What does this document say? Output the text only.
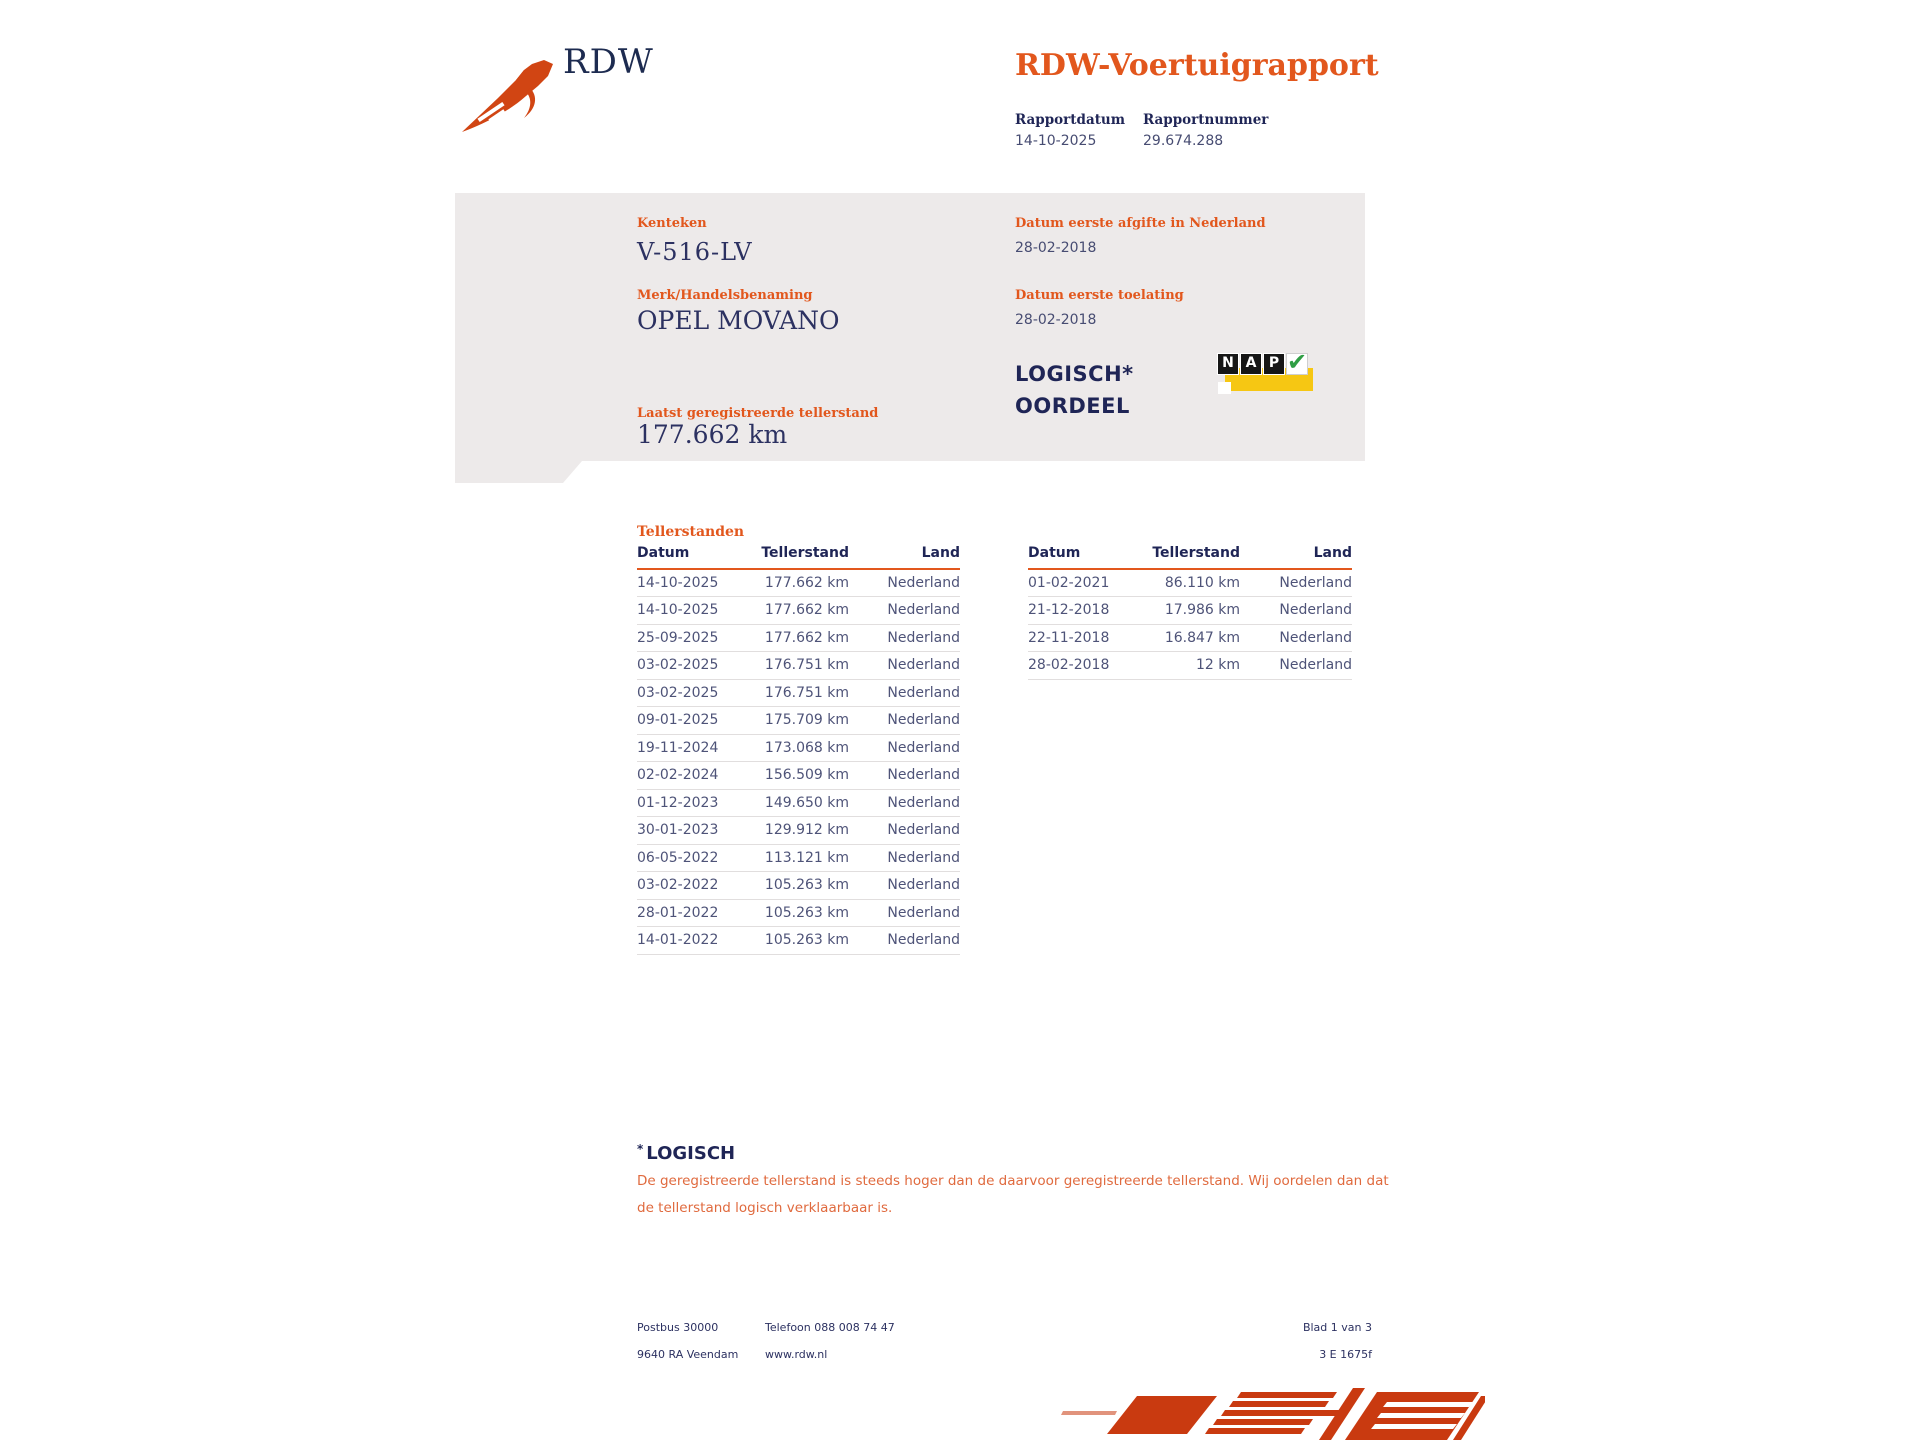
RDW	RDW-Voertuigrapport
Rapportdatum Rapportnummer
14-10-2025	29.674.288
Kenteken
V-516-LV
Merk/Handelsbenaming
OPEL MOVANO
Datum eerste afgifte in Nederland
28-02-2018
Datum eerste toelating
28-02-2018
LOGISCH*
OORDEEL
N A P ✔
Laatst geregistreerde tellerstand
177.662 km
Tellerstanden
Datum	Tellerstand	Land
14-10-2025	177.662 km	Nederland
14-10-2025	177.662 km	Nederland
25-09-2025	177.662 km	Nederland
03-02-2025	176.751 km	Nederland
03-02-2025	176.751 km	Nederland
09-01-2025	175.709 km	Nederland
19-11-2024	173.068 km	Nederland
02-02-2024	156.509 km	Nederland
01-12-2023	149.650 km	Nederland
30-01-2023	129.912 km	Nederland
06-05-2022	113.121 km	Nederland
03-02-2022	105.263 km	Nederland
28-01-2022	105.263 km	Nederland
14-01-2022	105.263 km	Nederland
Datum	Tellerstand	Land
01-02-2021	86.110 km	Nederland
21-12-2018	17.986 km	Nederland
22-11-2018	16.847 km	Nederland
28-02-2018	12 km	Nederland
* LOGISCH
De geregistreerde tellerstand is steeds hoger dan de daarvoor geregistreerde tellerstand. Wij oordelen dan dat de tellerstand logisch verklaarbaar is.
Postbus 30000
9640 RA Veendam
Telefoon 088 008 74 47
www.rdw.nl
Blad 1 van 3
3 E 1675f
